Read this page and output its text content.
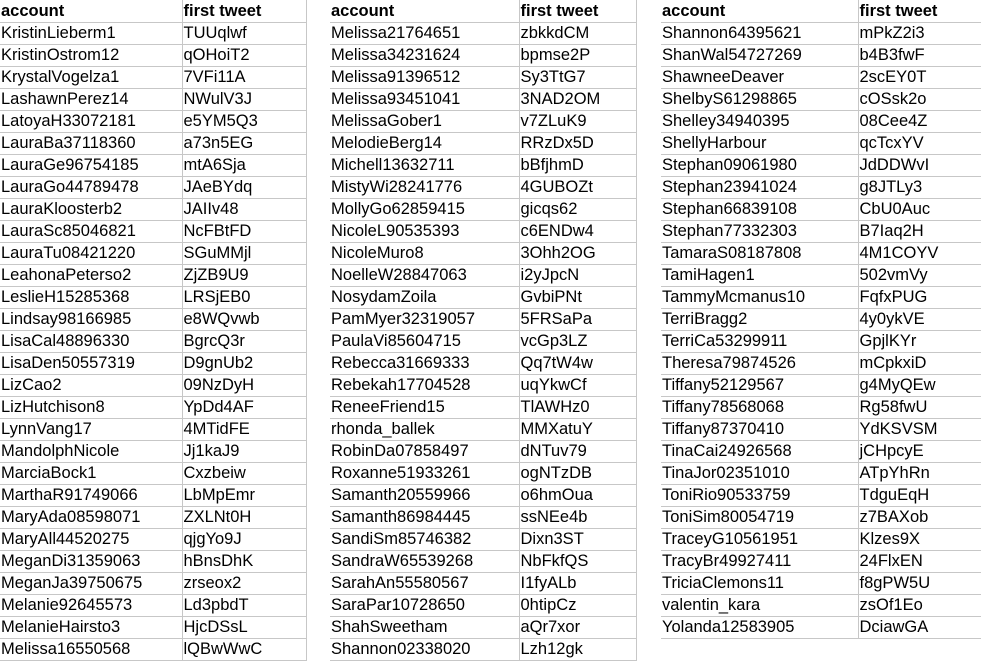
account	first tweet
KristinLieberm1	TUUqlwf
KristinOstrom12	qOHoiT2
KrystalVogelza1	7VFi11A
LashawnPerez14	NWulV3J
LatoyaH33072181	e5YM5Q3
LauraBa37118360	a73n5EG
LauraGe96754185	mtA6Sja
LauraGo44789478	JAeBYdq
LauraKloosterb2	JAIIv48
LauraSc85046821	NcFBtFD
LauraTu08421220	SGuMMjl
LeahonaPeterso2	ZjZB9U9
LeslieH15285368	LRSjEB0
Lindsay98166985	e8WQvwb
LisaCal48896330	BgrcQ3r
LisaDen50557319	D9gnUb2
LizCao2	09NzDyH
LizHutchison8	YpDd4AF
LynnVang17	4MTidFE
MandolphNicole	Jj1kaJ9
MarciaBock1	Cxzbeiw
MarthaR91749066	LbMpEmr
MaryAda08598071	ZXLNt0H
MaryAll44520275	qjgYo9J
MeganDi31359063	hBnsDhK
MeganJa39750675	zrseox2
Melanie92645573	Ld3pbdT
MelanieHairsto3	HjcDSsL
Melissa16550568	lQBwWwC
account	first tweet
Melissa21764651	zbkkdCM
Melissa34231624	bpmse2P
Melissa91396512	Sy3TtG7
Melissa93451041	3NAD2OM
MelissaGober1	v7ZLuK9
MelodieBerg14	RRzDx5D
Michell13632711	bBfjhmD
MistyWi28241776	4GUBOZt
MollyGo62859415	gicqs62
NicoleL90535393	c6ENDw4
NicoleMuro8	3Ohh2OG
NoelleW28847063	i2yJpcN
NosydamZoila	GvbiPNt
PamMyer32319057	5FRSaPa
PaulaVi85604715	vcGp3LZ
Rebecca31669333	Qq7tW4w
Rebekah17704528	uqYkwCf
ReneeFriend15	TlAWHz0
rhonda_ballek	MMXatuY
RobinDa07858497	dNTuv79
Roxanne51933261	ogNTzDB
Samanth20559966	o6hmOua
Samanth86984445	ssNEe4b
SandiSm85746382	Dixn3ST
SandraW65539268	NbFkfQS
SarahAn55580567	I1fyALb
SaraPar10728650	0htipCz
ShahSweetham	aQr7xor
Shannon02338020	Lzh12gk
account	first tweet
Shannon64395621	mPkZ2i3
ShanWal54727269	b4B3fwF
ShawneeDeaver	2scEY0T
ShelbyS61298865	cOSsk2o
Shelley34940395	08Cee4Z
ShellyHarbour	qcTcxYV
Stephan09061980	JdDDWvI
Stephan23941024	g8JTLy3
Stephan66839108	CbU0Auc
Stephan77332303	B7Iaq2H
TamaraS08187808	4M1COYV
TamiHagen1	502vmVy
TammyMcmanus10	FqfxPUG
TerriBragg2	4y0ykVE
TerriCa53299911	GpjlKYr
Theresa79874526	mCpkxiD
Tiffany52129567	g4MyQEw
Tiffany78568068	Rg58fwU
Tiffany87370410	YdKSVSM
TinaCai24926568	jCHpcyE
TinaJor02351010	ATpYhRn
ToniRio90533759	TdguEqH
ToniSim80054719	z7BAXob
TraceyG10561951	Klzes9X
TracyBr49927411	24FlxEN
TriciaClemons11	f8gPW5U
valentin_kara	zsOf1Eo
Yolanda12583905	DciawGA
